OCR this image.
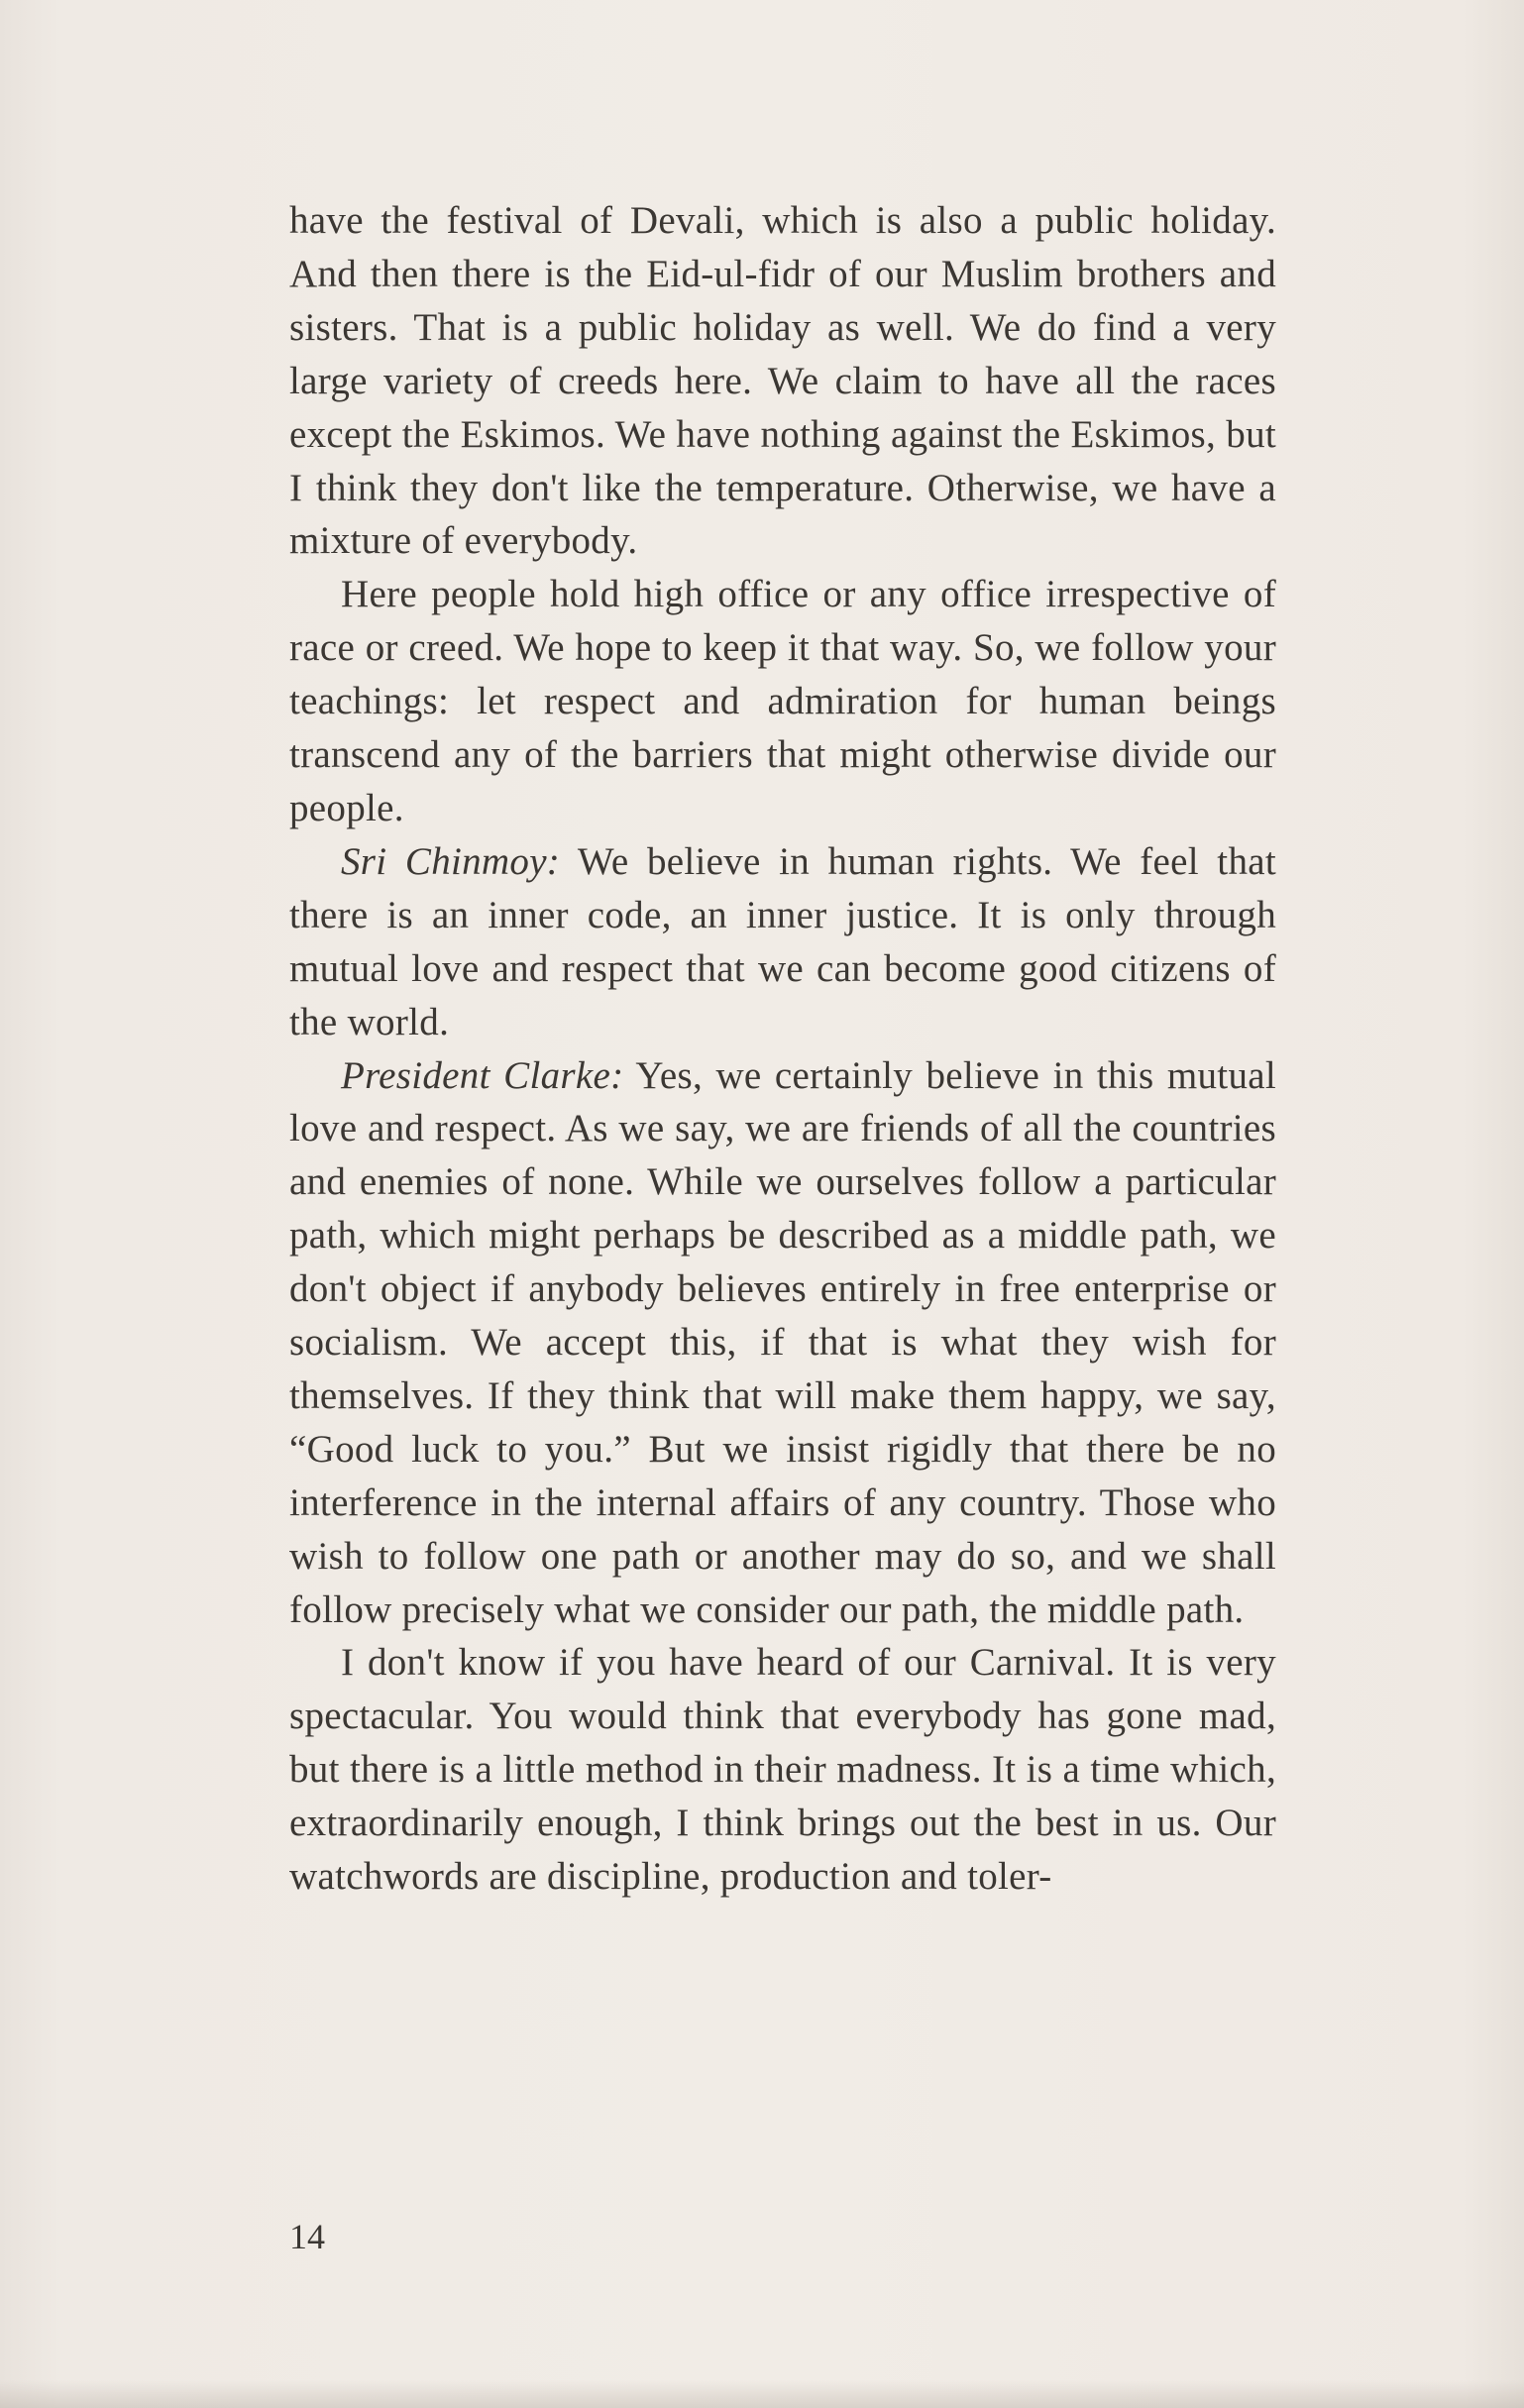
have the festival of Devali, which is also a public holiday. And then there is the Eid-ul-fidr of our Muslim brothers and sisters. That is a public holiday as well. We do find a very large variety of creeds here. We claim to have all the races except the Eskimos. We have nothing against the Eskimos, but I think they don't like the temperature. Otherwise, we have a mixture of everybody.

Here people hold high office or any office irrespective of race or creed. We hope to keep it that way. So, we follow your teachings: let respect and admiration for human beings transcend any of the barriers that might otherwise divide our people.

Sri Chinmoy: We believe in human rights. We feel that there is an inner code, an inner justice. It is only through mutual love and respect that we can become good citizens of the world.

President Clarke: Yes, we certainly believe in this mutual love and respect. As we say, we are friends of all the countries and enemies of none. While we ourselves follow a particular path, which might perhaps be described as a middle path, we don't object if anybody believes entirely in free enterprise or socialism. We accept this, if that is what they wish for themselves. If they think that will make them happy, we say, “Good luck to you.” But we insist rigidly that there be no interference in the internal affairs of any country. Those who wish to follow one path or another may do so, and we shall follow precisely what we consider our path, the middle path.

I don't know if you have heard of our Carnival. It is very spectacular. You would think that everybody has gone mad, but there is a little method in their madness. It is a time which, extraordinarily enough, I think brings out the best in us. Our watchwords are discipline, production and toler-

14
